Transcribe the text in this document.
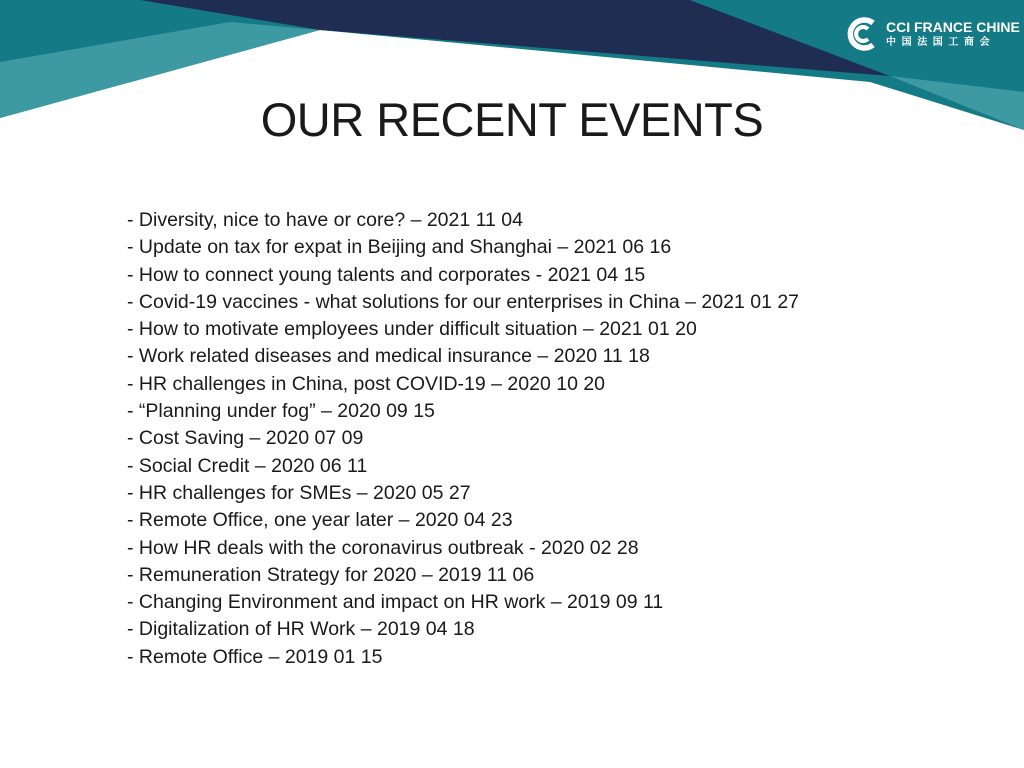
CCI FRANCE CHINE
中国法国工商会
OUR RECENT EVENTS
- Diversity, nice to have or core? – 2021 11 04
- Update on tax for expat in Beijing and Shanghai – 2021 06 16
- How to connect young talents and corporates - 2021 04 15
- Covid-19 vaccines - what solutions for our enterprises in China – 2021 01 27
- How to motivate employees under difficult situation – 2021 01 20
- Work related diseases and medical insurance – 2020 11 18
- HR challenges in China, post COVID-19 – 2020 10 20
- “Planning under fog” – 2020 09 15
- Cost Saving – 2020 07 09
- Social Credit – 2020 06 11
- HR challenges for SMEs – 2020 05 27
- Remote Office, one year later – 2020 04 23
- How HR deals with the coronavirus outbreak - 2020 02 28
- Remuneration Strategy for 2020 – 2019 11 06
- Changing Environment and impact on HR work – 2019 09 11
- Digitalization of HR Work – 2019 04 18
- Remote Office – 2019 01 15
